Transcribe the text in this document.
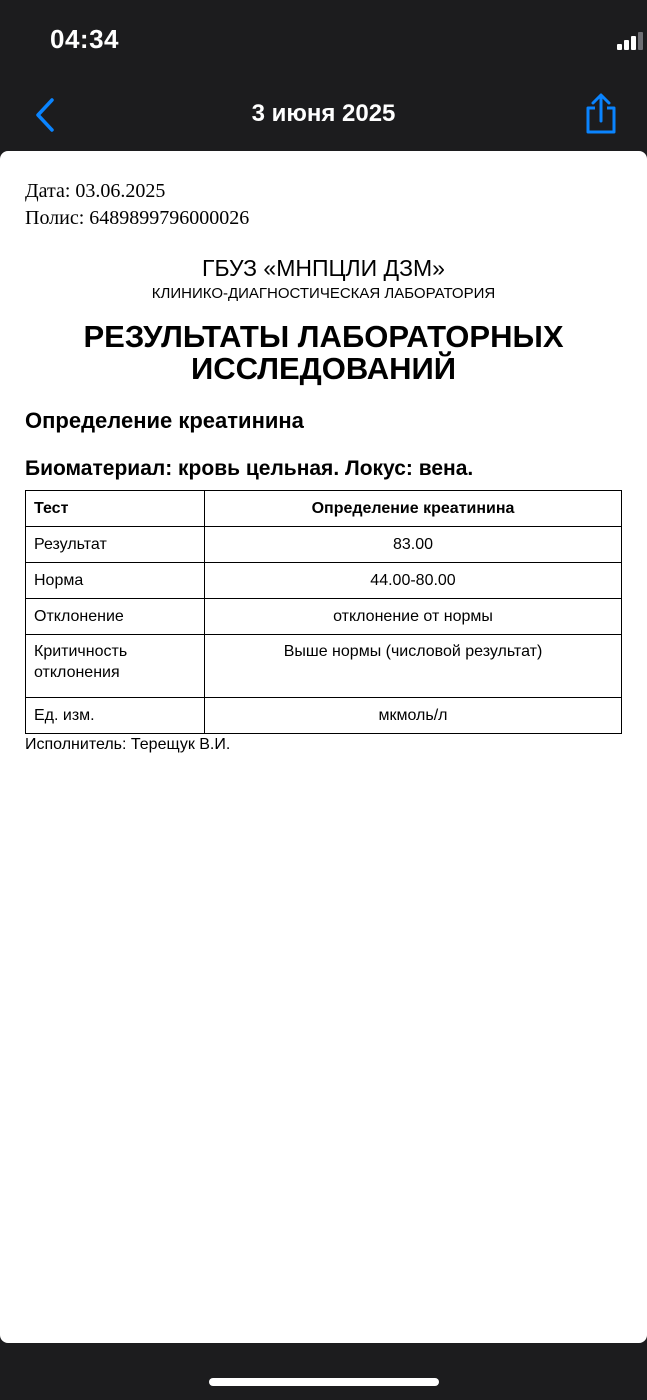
04:34
3 июня 2025
Дата: 03.06.2025
Полис: 6489899796000026
ГБУЗ «МНПЦЛИ ДЗМ»
КЛИНИКО-ДИАГНОСТИЧЕСКАЯ ЛАБОРАТОРИЯ
РЕЗУЛЬТАТЫ ЛАБОРАТОРНЫХ ИССЛЕДОВАНИЙ
Определение креатинина
Биоматериал: кровь цельная. Локус: вена.
Тест	Определение креатинина
Результат	83.00
Норма	44.00-80.00
Отклонение	отклонение от нормы
Критичность отклонения	Выше нормы (числовой результат)
Ед. изм.	мкмоль/л
Исполнитель: Терещук В.И.
